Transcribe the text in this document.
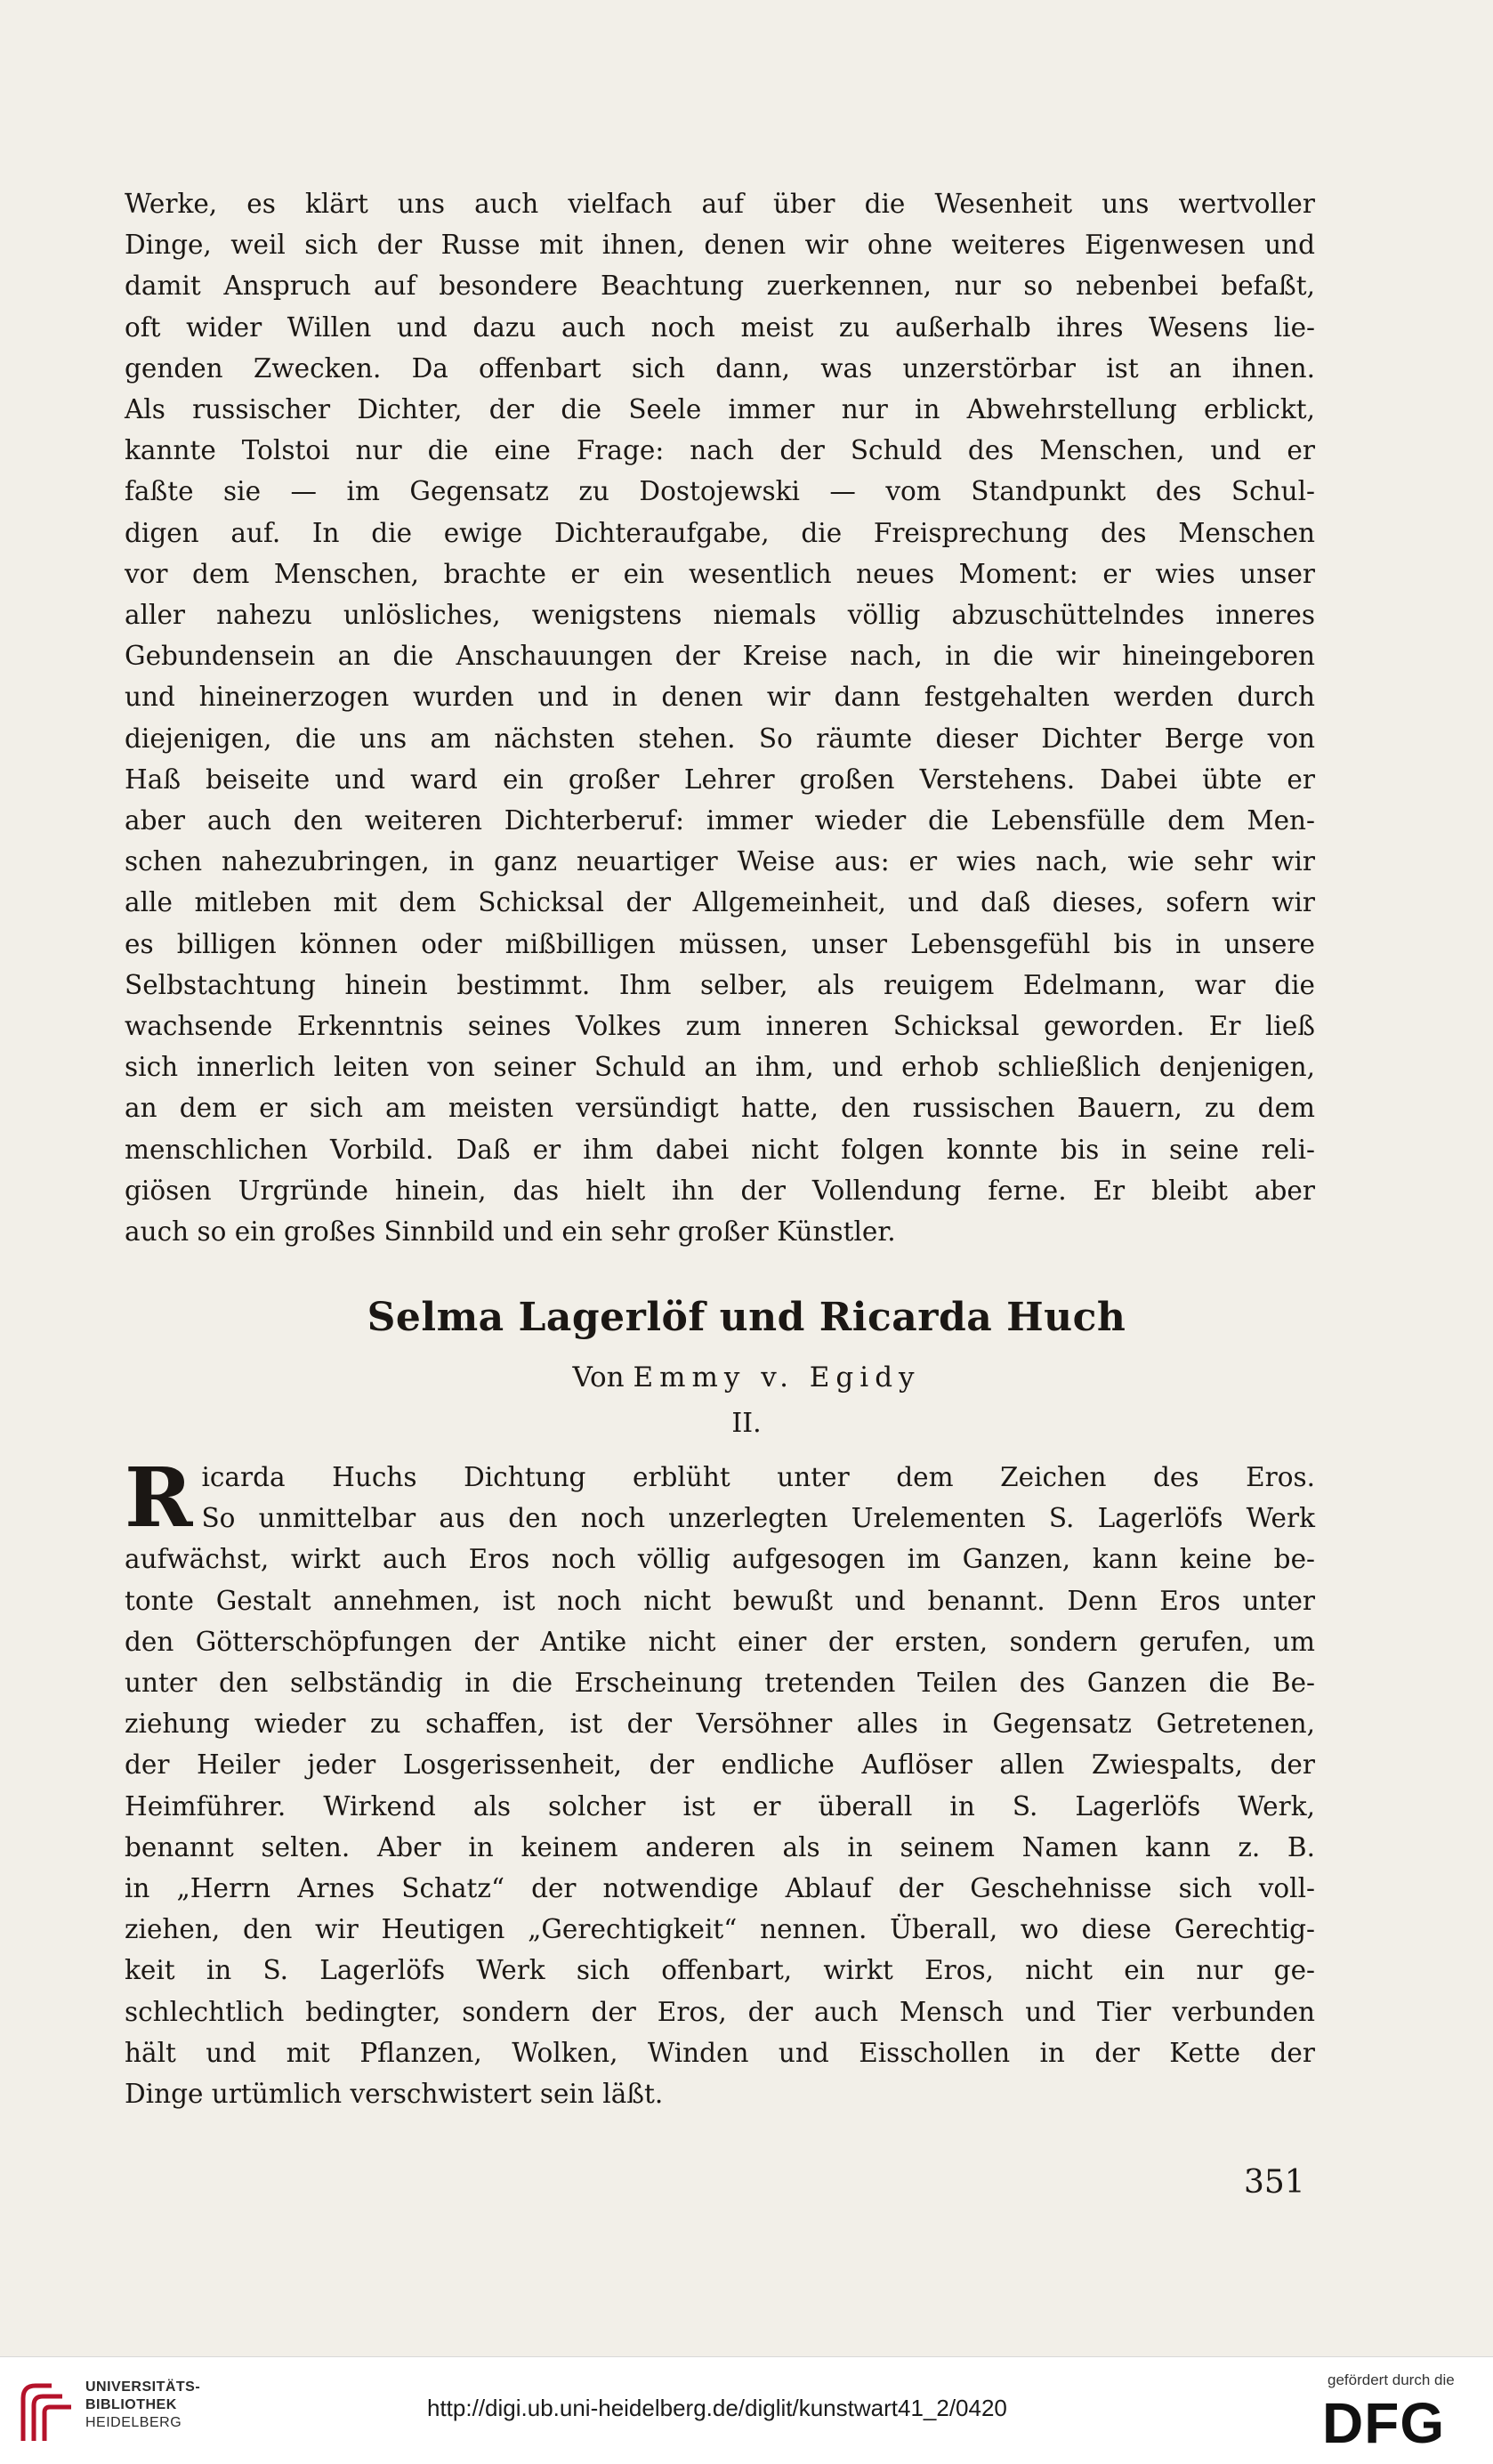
Werke, es klärt uns auch vielfach auf über die Wesenheit uns wertvoller
Dinge, weil sich der Russe mit ihnen, denen wir ohne weiteres Eigenwesen und
damit Anspruch auf besondere Beachtung zuerkennen, nur so nebenbei befaßt,
oft wider Willen und dazu auch noch meist zu außerhalb ihres Wesens lie-
genden Zwecken. Da offenbart sich dann, was unzerstörbar ist an ihnen.
Als russischer Dichter, der die Seele immer nur in Abwehrstellung erblickt,
kannte Tolstoi nur die eine Frage: nach der Schuld des Menschen, und er
faßte sie — im Gegensatz zu Dostojewski — vom Standpunkt des Schul-
digen auf. In die ewige Dichteraufgabe, die Freisprechung des Menschen
vor dem Menschen, brachte er ein wesentlich neues Moment: er wies unser
aller nahezu unlösliches, wenigstens niemals völlig abzuschüttelndes inneres
Gebundensein an die Anschauungen der Kreise nach, in die wir hineingeboren
und hineinerzogen wurden und in denen wir dann festgehalten werden durch
diejenigen, die uns am nächsten stehen. So räumte dieser Dichter Berge von
Haß beiseite und ward ein großer Lehrer großen Verstehens. Dabei übte er
aber auch den weiteren Dichterberuf: immer wieder die Lebensfülle dem Men-
schen nahezubringen, in ganz neuartiger Weise aus: er wies nach, wie sehr wir
alle mitleben mit dem Schicksal der Allgemeinheit, und daß dieses, sofern wir
es billigen können oder mißbilligen müssen, unser Lebensgefühl bis in unsere
Selbstachtung hinein bestimmt. Ihm selber, als reuigem Edelmann, war die
wachsende Erkenntnis seines Volkes zum inneren Schicksal geworden. Er ließ
sich innerlich leiten von seiner Schuld an ihm, und erhob schließlich denjenigen,
an dem er sich am meisten versündigt hatte, den russischen Bauern, zu dem
menschlichen Vorbild. Daß er ihm dabei nicht folgen konnte bis in seine reli-
giösen Urgründe hinein, das hielt ihn der Vollendung ferne. Er bleibt aber
auch so ein großes Sinnbild und ein sehr großer Künstler.

Selma Lagerlöf und Ricarda Huch

Von Emmy v. Egidy

II.

R icarda Huchs Dichtung erblüht unter dem Zeichen des Eros.
So unmittelbar aus den noch unzerlegten Urelementen S. Lagerlöfs Werk
aufwächst, wirkt auch Eros noch völlig aufgesogen im Ganzen, kann keine be-
tonte Gestalt annehmen, ist noch nicht bewußt und benannt. Denn Eros unter
den Götterschöpfungen der Antike nicht einer der ersten, sondern gerufen, um
unter den selbständig in die Erscheinung tretenden Teilen des Ganzen die Be-
ziehung wieder zu schaffen, ist der Versöhner alles in Gegensatz Getretenen,
der Heiler jeder Losgerissenheit, der endliche Auflöser allen Zwiespalts, der
Heimführer. Wirkend als solcher ist er überall in S. Lagerlöfs Werk,
benannt selten. Aber in keinem anderen als in seinem Namen kann z. B.
in „Herrn Arnes Schatz“ der notwendige Ablauf der Geschehnisse sich voll-
ziehen, den wir Heutigen „Gerechtigkeit“ nennen. Überall, wo diese Gerechtig-
keit in S. Lagerlöfs Werk sich offenbart, wirkt Eros, nicht ein nur ge-
schlechtlich bedingter, sondern der Eros, der auch Mensch und Tier verbunden
hält und mit Pflanzen, Wolken, Winden und Eisschollen in der Kette der
Dinge urtümlich verschwistert sein läßt.

351

UNIVERSITÄTS-
BIBLIOTHEK
HEIDELBERG
http://digi.ub.uni-heidelberg.de/diglit/kunstwart41_2/0420
gefördert durch die
DFG
